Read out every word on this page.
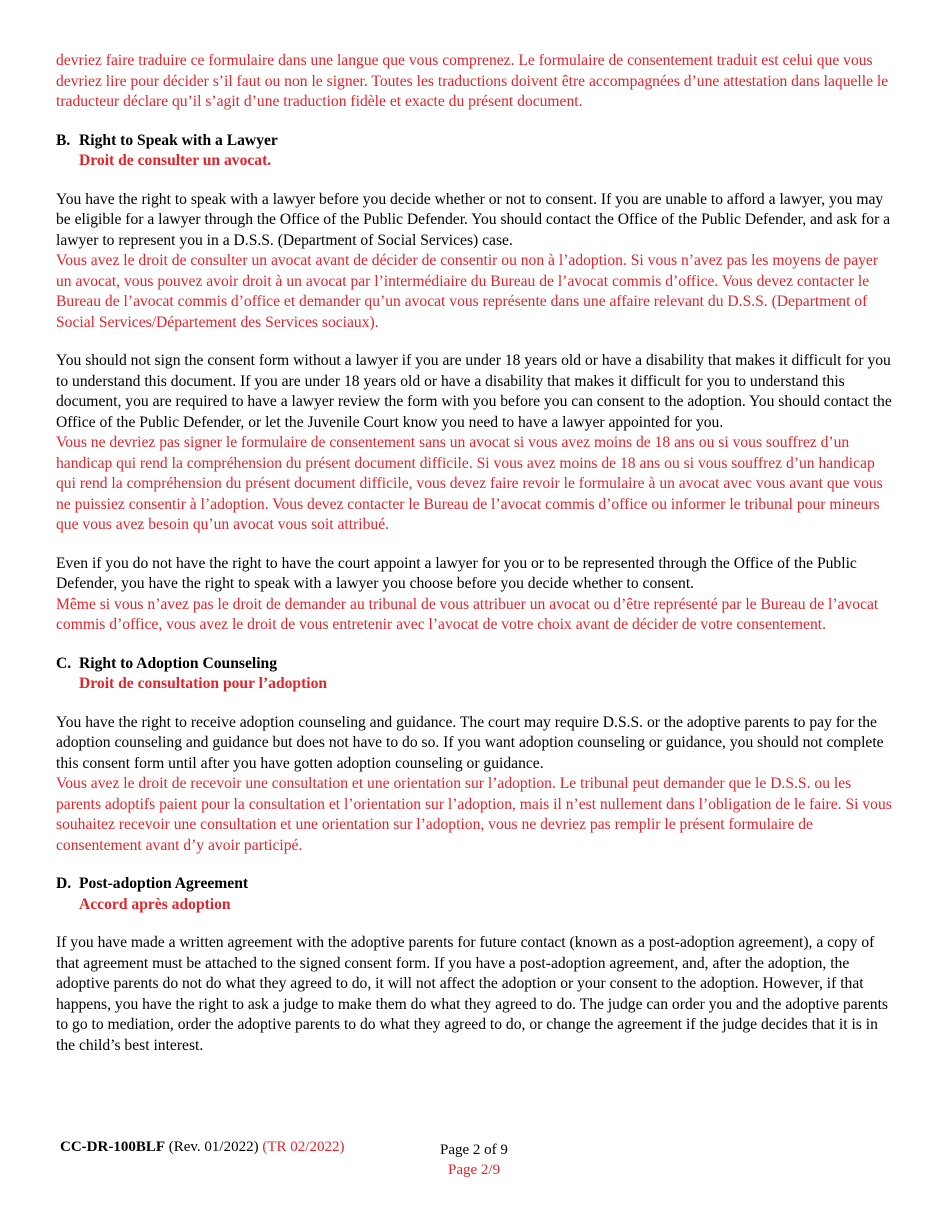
devriez faire traduire ce formulaire dans une langue que vous comprenez. Le formulaire de consentement traduit est celui que vous devriez lire pour décider s’il faut ou non le signer. Toutes les traductions doivent être accompagnées d’une attestation dans laquelle le traducteur déclare qu’il s’agit d’une traduction fidèle et exacte du présent document.

B. Right to Speak with a Lawyer
Droit de consulter un avocat.

You have the right to speak with a lawyer before you decide whether or not to consent. If you are unable to afford a lawyer, you may be eligible for a lawyer through the Office of the Public Defender. You should contact the Office of the Public Defender, and ask for a lawyer to represent you in a D.S.S. (Department of Social Services) case.

Vous avez le droit de consulter un avocat avant de décider de consentir ou non à l’adoption. Si vous n’avez pas les moyens de payer un avocat, vous pouvez avoir droit à un avocat par l’intermédiaire du Bureau de l’avocat commis d’office. Vous devez contacter le Bureau de l’avocat commis d’office et demander qu’un avocat vous représente dans une affaire relevant du D.S.S. (Department of Social Services/Département des Services sociaux).

You should not sign the consent form without a lawyer if you are under 18 years old or have a disability that makes it difficult for you to understand this document. If you are under 18 years old or have a disability that makes it difficult for you to understand this document, you are required to have a lawyer review the form with you before you can consent to the adoption. You should contact the Office of the Public Defender, or let the Juvenile Court know you need to have a lawyer appointed for you.

Vous ne devriez pas signer le formulaire de consentement sans un avocat si vous avez moins de 18 ans ou si vous souffrez d’un handicap qui rend la compréhension du présent document difficile. Si vous avez moins de 18 ans ou si vous souffrez d’un handicap qui rend la compréhension du présent document difficile, vous devez faire revoir le formulaire à un avocat avec vous avant que vous ne puissiez consentir à l’adoption. Vous devez contacter le Bureau de l’avocat commis d’office ou informer le tribunal pour mineurs que vous avez besoin qu’un avocat vous soit attribué.

Even if you do not have the right to have the court appoint a lawyer for you or to be represented through the Office of the Public Defender, you have the right to speak with a lawyer you choose before you decide whether to consent.

Même si vous n’avez pas le droit de demander au tribunal de vous attribuer un avocat ou d’être représenté par le Bureau de l’avocat commis d’office, vous avez le droit de vous entretenir avec l’avocat de votre choix avant de décider de votre consentement.

C. Right to Adoption Counseling
Droit de consultation pour l’adoption

You have the right to receive adoption counseling and guidance. The court may require D.S.S. or the adoptive parents to pay for the adoption counseling and guidance but does not have to do so. If you want adoption counseling or guidance, you should not complete this consent form until after you have gotten adoption counseling or guidance.

Vous avez le droit de recevoir une consultation et une orientation sur l’adoption. Le tribunal peut demander que le D.S.S. ou les parents adoptifs paient pour la consultation et l’orientation sur l’adoption, mais il n’est nullement dans l’obligation de le faire. Si vous souhaitez recevoir une consultation et une orientation sur l’adoption, vous ne devriez pas remplir le présent formulaire de consentement avant d’y avoir participé.

D. Post-adoption Agreement
Accord après adoption

If you have made a written agreement with the adoptive parents for future contact (known as a post-adoption agreement), a copy of that agreement must be attached to the signed consent form. If you have a post-adoption agreement, and, after the adoption, the adoptive parents do not do what they agreed to do, it will not affect the adoption or your consent to the adoption. However, if that happens, you have the right to ask a judge to make them do what they agreed to do. The judge can order you and the adoptive parents to go to mediation, order the adoptive parents to do what they agreed to do, or change the agreement if the judge decides that it is in the child’s best interest.

CC-DR-100BLF (Rev. 01/2022) (TR 02/2022)	Page 2 of 9
Page 2/9
